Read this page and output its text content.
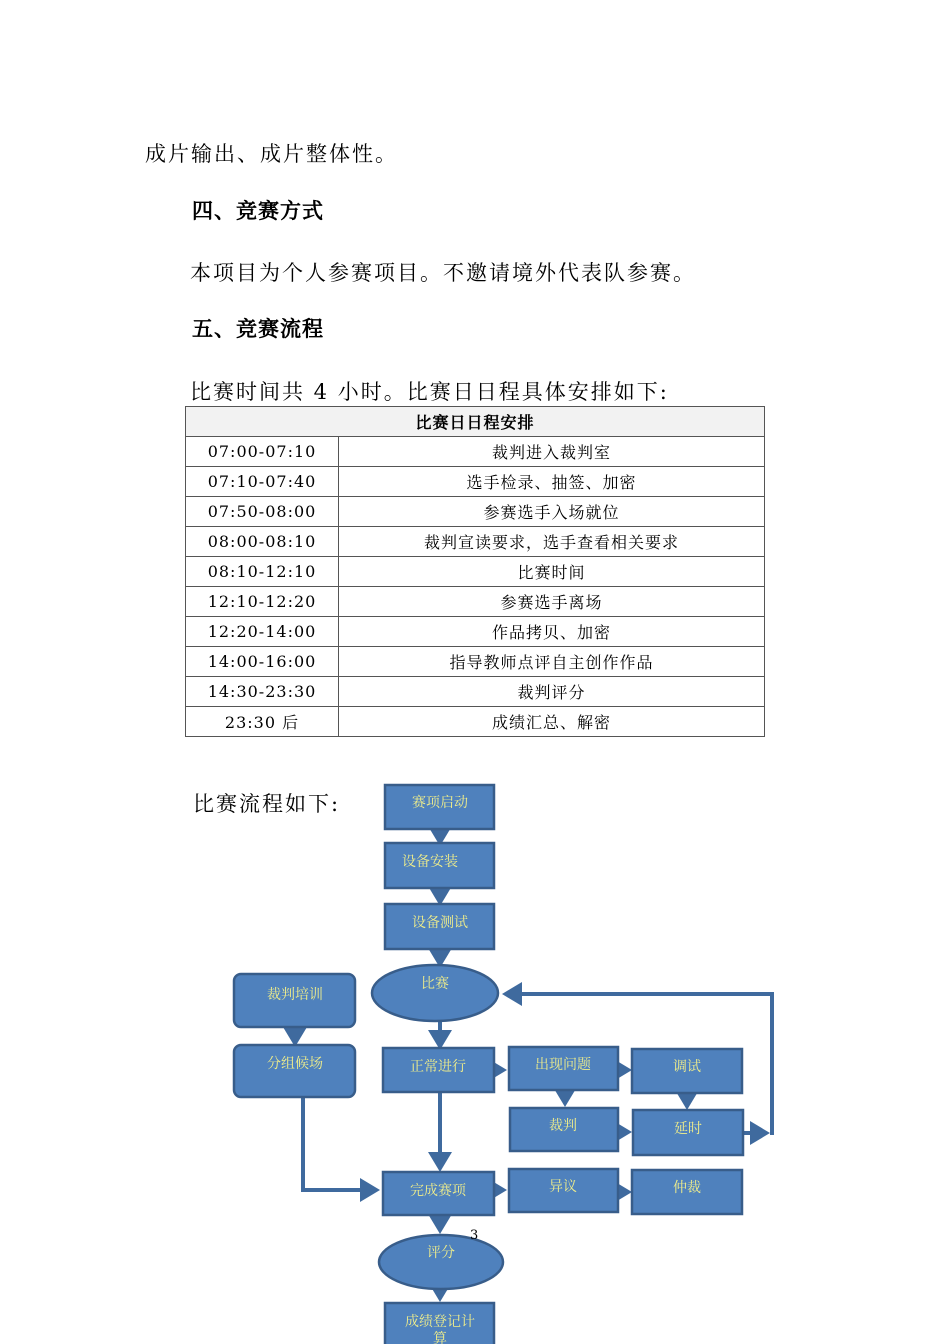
成片输出、成片整体性。
四、竞赛方式
本项目为个人参赛项目。不邀请境外代表队参赛。
五、竞赛流程
比赛时间共 4 小时。比赛日日程具体安排如下:
比赛日日程安排	
07:00-07:10	裁判进入裁判室
07:10-07:40	选手检录、抽签、加密
07:50-08:00	参赛选手入场就位
08:00-08:10	裁判宣读要求，选手查看相关要求
08:10-12:10	比赛时间
12:10-12:20	参赛选手离场
12:20-14:00	作品拷贝、加密
14:00-16:00	指导教师点评自主创作作品
14:30-23:30	裁判评分
23:30 后	成绩汇总、解密
比赛流程如下:	赛项启动
设备安装
设备测试
比赛
裁判培训
分组候场	正常进行	出现问题	调试
裁判	延时
完成赛项	异议	仲裁
评分
成绩登记计
算
3
